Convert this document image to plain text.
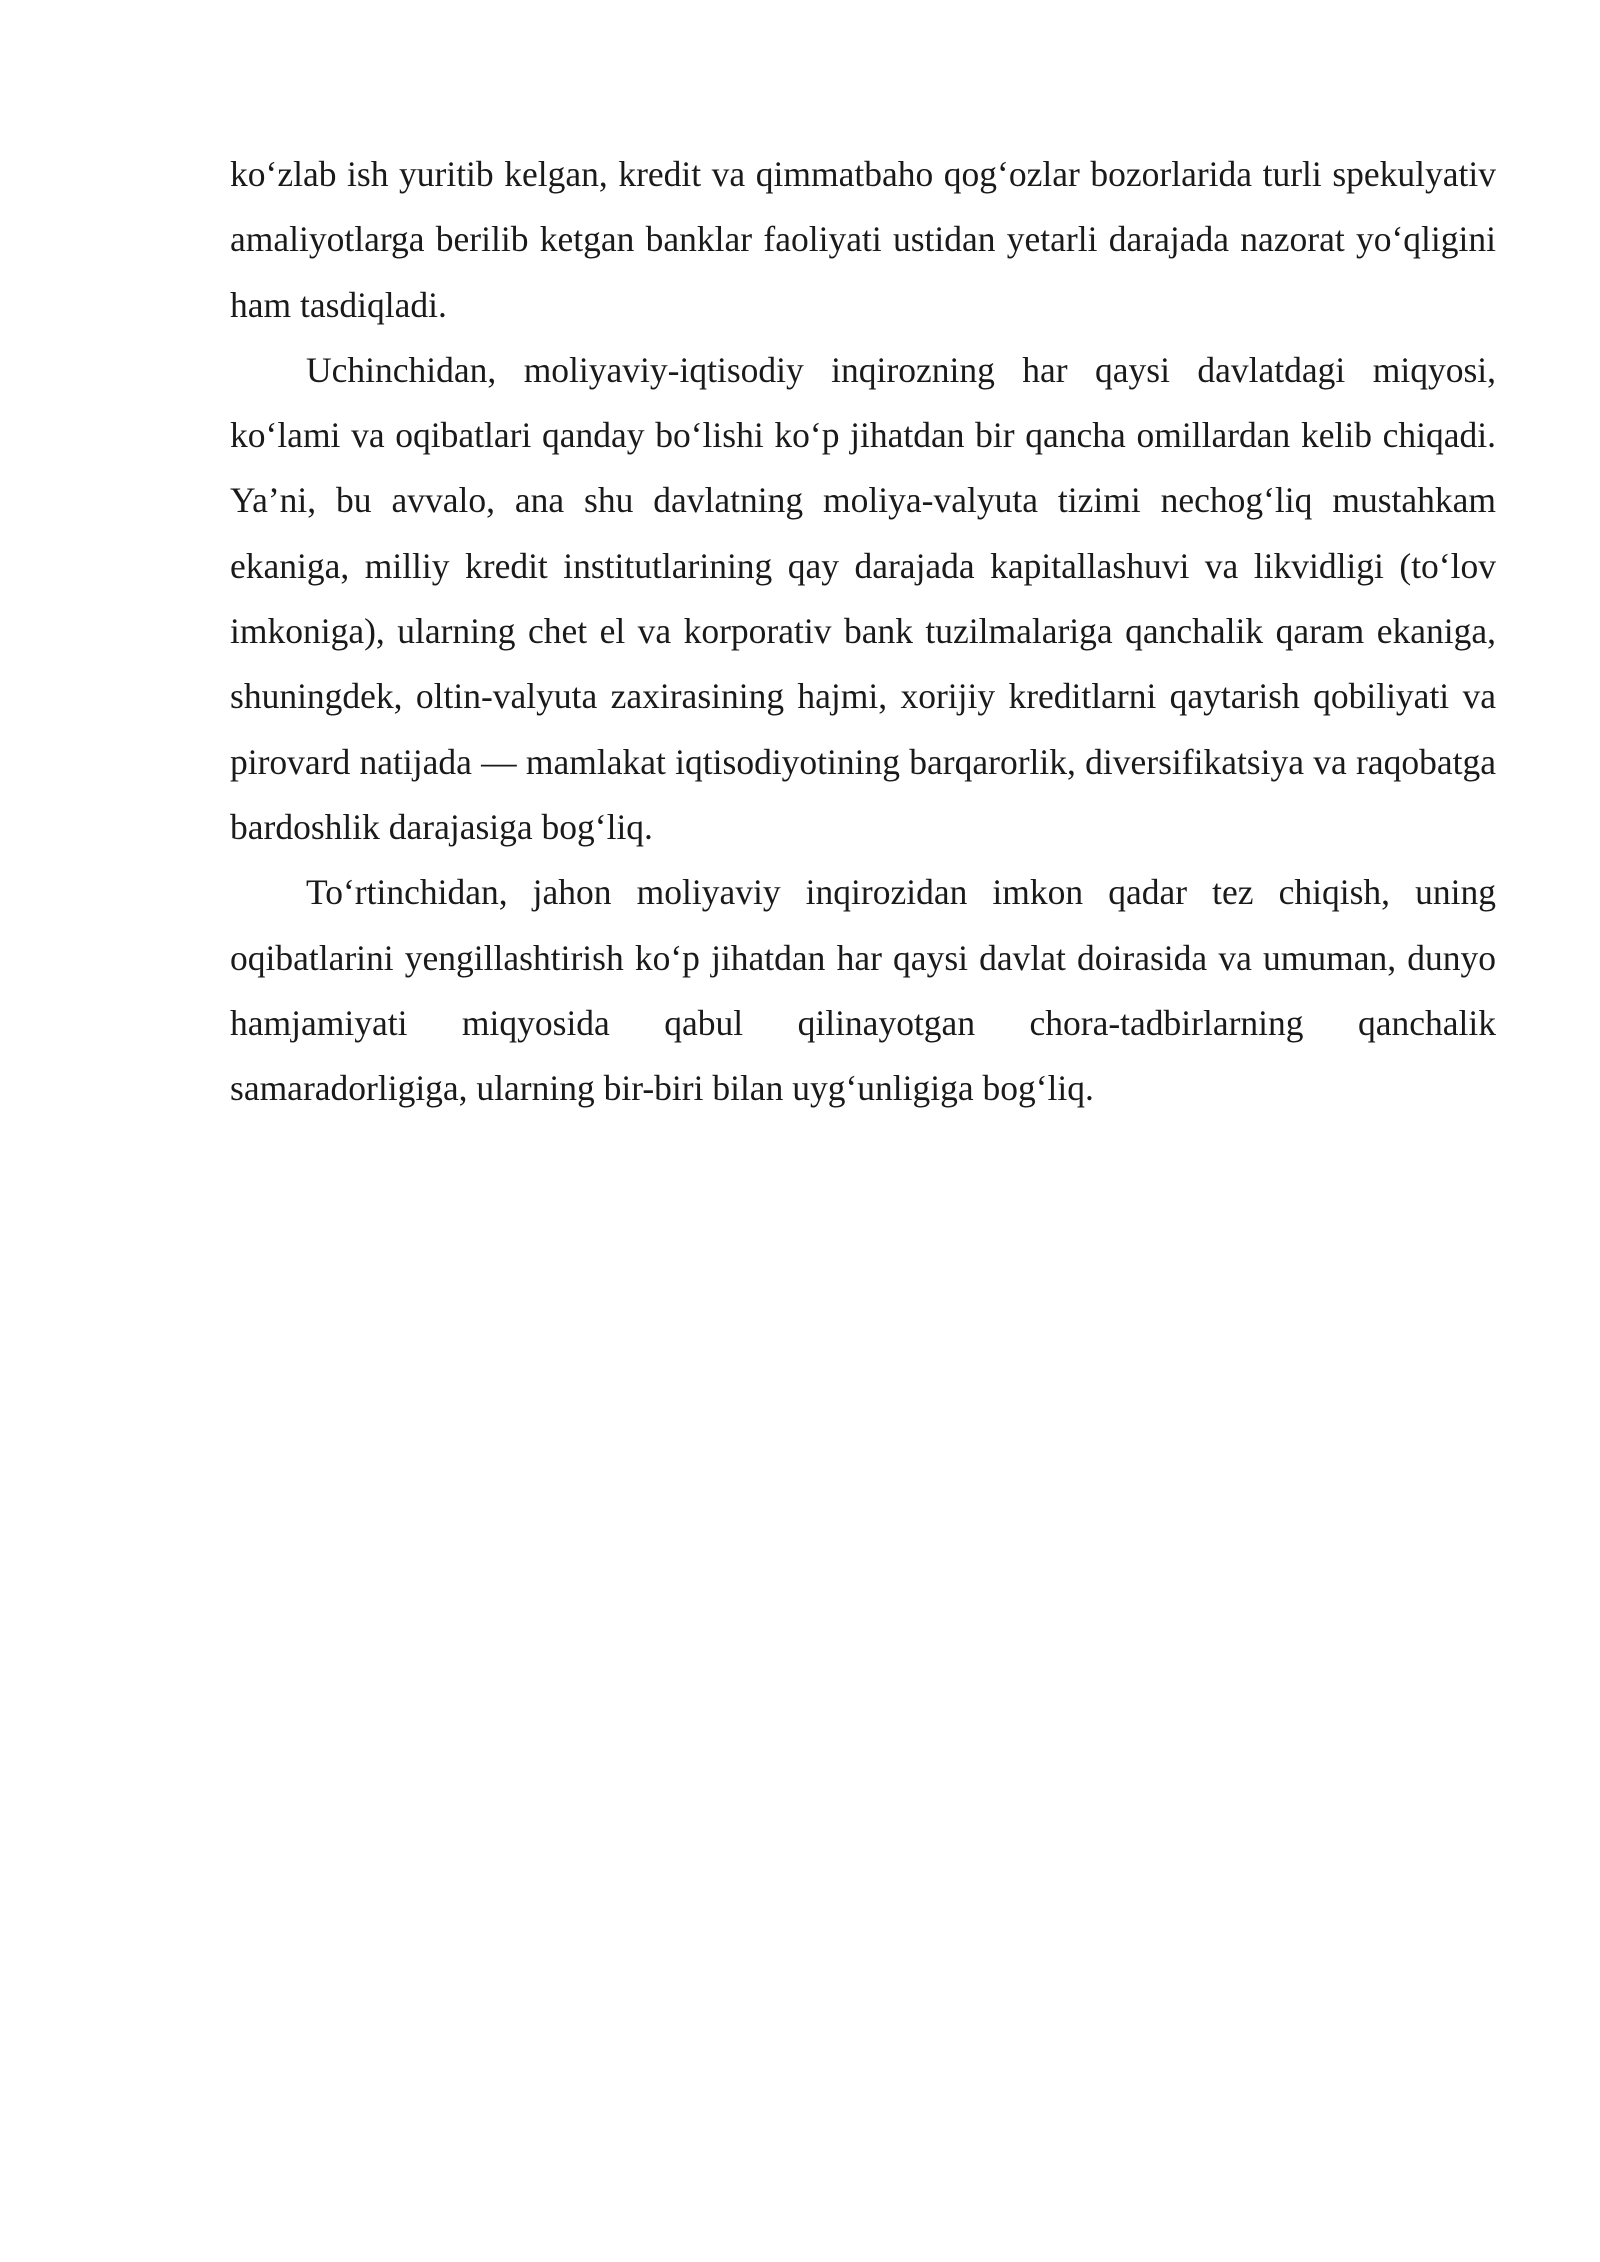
ko‘zlab ish yuritib kelgan, kredit va qimmatbaho qog‘ozlar bozorlarida turli spekulyativ amaliyotlarga berilib ketgan banklar faoliyati ustidan yetarli darajada nazorat yo‘qligini ham tasdiqladi.

Uchinchidan, moliyaviy-iqtisodiy inqirozning har qaysi davlatdagi miqyosi, ko‘lami va oqibatlari qanday bo‘lishi ko‘p jihatdan bir qancha omillardan kelib chiqadi. Ya’ni, bu avvalo, ana shu davlatning moliya-valyuta tizimi nechog‘liq mustahkam ekaniga, milliy kredit institutlarining qay darajada kapitallashuvi va likvidligi (to‘lov imkoniga), ularning chet el va korporativ bank tuzilmalariga qanchalik qaram ekaniga, shuningdek, oltin-valyuta zaxirasining hajmi, xorijiy kreditlarni qaytarish qobiliyati va pirovard natijada — mamlakat iqtisodiyotining barqarorlik, diversifikatsiya va raqobatga bardoshlik darajasiga bog‘liq.

To‘rtinchidan, jahon moliyaviy inqirozidan imkon qadar tez chiqish, uning oqibatlarini yengillashtirish ko‘p jihatdan har qaysi davlat doirasida va umuman, dunyo hamjamiyati miqyosida qabul qilinayotgan chora-tadbirlarning qanchalik samaradorligiga, ularning bir-biri bilan uyg‘unligiga bog‘liq.
